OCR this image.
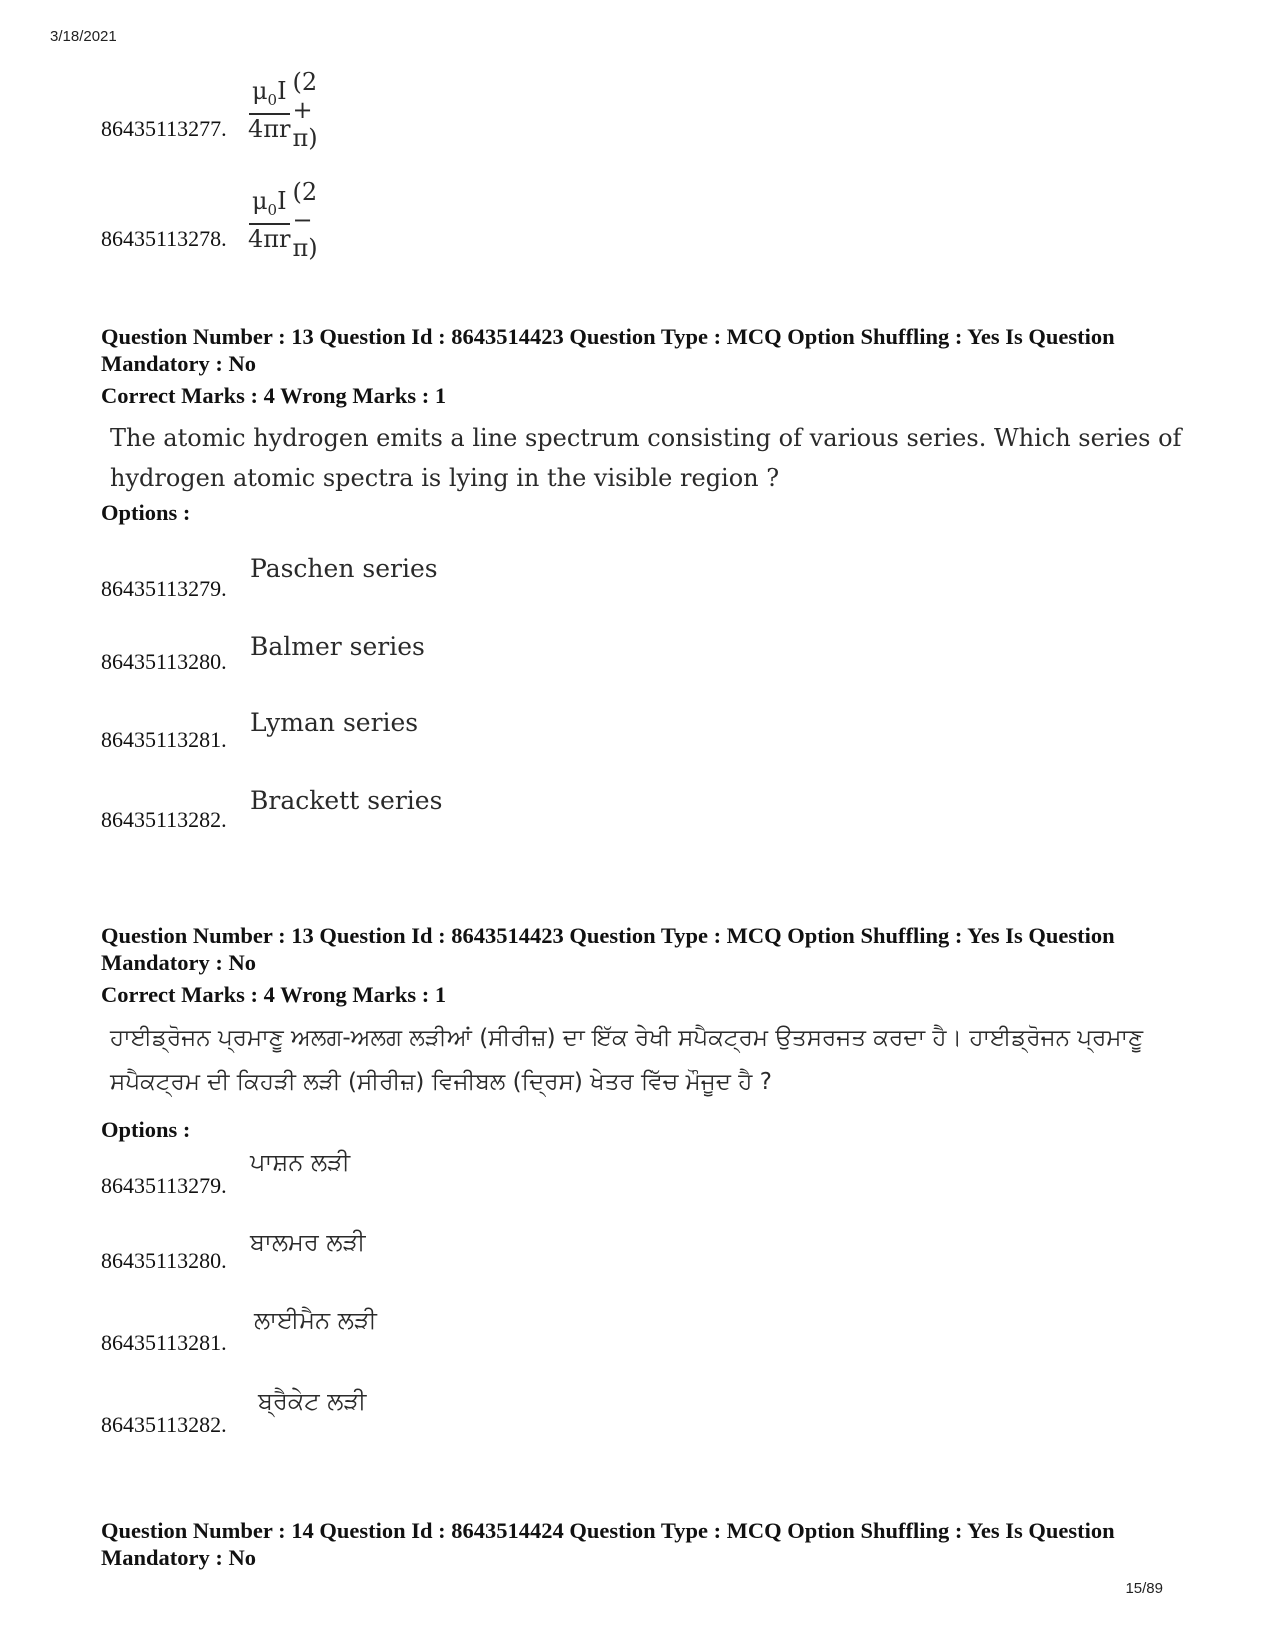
3/18/2021
15/89
86435113277. $\frac{\mu_0I}{4\pi r} (2 + \pi)$
86435113278. $\frac{\mu_0I}{4\pi r} (2 - \pi)$
Question Number : 13 Question Id : 8643514423 Question Type : MCQ Option Shuffling : Yes Is Question Mandatory : No
Correct Marks : 4 Wrong Marks : 1
The atomic hydrogen emits a line spectrum consisting of various series. Which series of hydrogen atomic spectra is lying in the visible region ?
Options :
86435113279.
Paschen series
86435113280.
Balmer series
86435113281.
Lyman series
86435113282.
Brackett series
Question Number : 13 Question Id : 8643514423 Question Type : MCQ Option Shuffling : Yes Is Question Mandatory : No
Correct Marks : 4 Wrong Marks : 1
ਹਾਈਡ੍ਰੋਜਨ ਪ੍ਰਮਾਣੂ ਅਲਗ-ਅਲਗ ਲੜੀਆਂ (ਸੀਰੀਜ਼) ਦਾ ਇੱਕ ਰੇਖੀ ਸਪੈਕਟ੍ਰਮ ਉਤਸਰਜਤ ਕਰਦਾ ਹੈ। ਹਾਈਡ੍ਰੋਜਨ ਪ੍ਰਮਾਣੂ ਸਪੈਕਟ੍ਰਮ ਦੀ ਕਿਹੜੀ ਲੜੀ (ਸੀਰੀਜ਼) ਵਿਜੀਬਲ (ਦ੍ਰਿਸ) ਖੇਤਰ ਵਿੱਚ ਮੌਜੂਦ ਹੈ ?
Options :
86435113279.
ਪਾਸ਼ਨ ਲੜੀ
86435113280.
ਬਾਲਮਰ ਲੜੀ
86435113281.
ਲਾਈਮੈਨ ਲੜੀ
86435113282.
ਬ੍ਰੈਕੇਟ ਲੜੀ
Question Number : 14 Question Id : 8643514424 Question Type : MCQ Option Shuffling : Yes Is Question Mandatory : No
